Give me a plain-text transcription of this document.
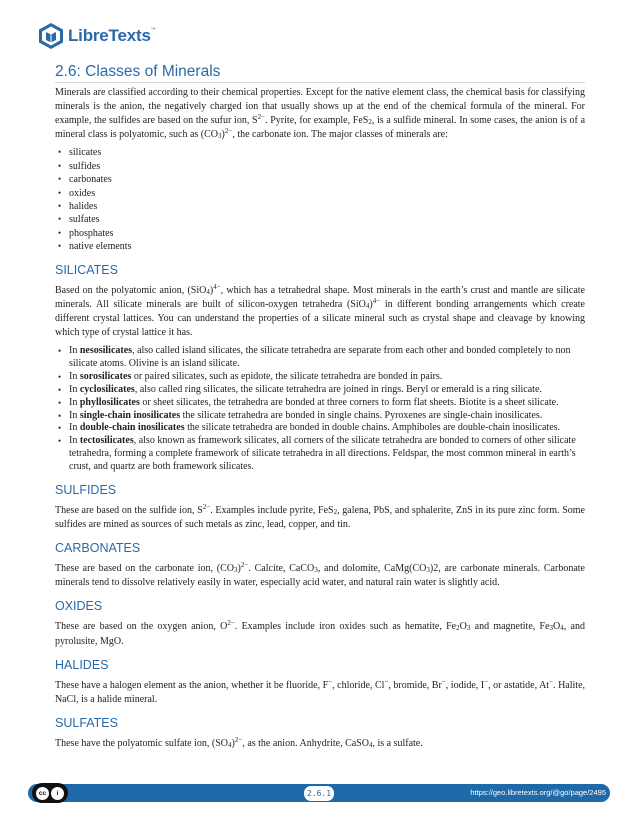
LibreTexts™
2.6: Classes of Minerals

Minerals are classified according to their chemical properties. Except for the native element class, the chemical basis for classifying minerals is the anion, the negatively charged ion that usually shows up at the end of the chemical formula of the mineral. For example, the sulfides are based on the sufur ion, $S^{2-}$. Pyrite, for example, FeS$_2$, is a sulfide mineral. In some cases, the anion is of a mineral class is polyatomic, such as $(CO_3)^{2-}$, the carbonate ion. The major classes of minerals are:

• silicates
• sulfides
• carbonates
• oxides
• halides
• sulfates
• phosphates
• native elements
SILICATES

Based on the polyatomic anion, $(SiO_4)^{4-}$, which has a tetrahedral shape. Most minerals in the earth’s crust and mantle are silicate minerals. All silicate minerals are built of silicon-oxygen tetrahedra $(SiO_4)^{4-}$ in different bonding arrangements which create different crystal lattices. You can understand the properties of a silicate mineral such as crystal shape and cleavage by knowing which type of crystal lattice it has.

• In nesosilicates, also called island silicates, the silicate tetrahedra are separate from each other and bonded completely to non silicate atoms. Olivine is an island silicate.
• In sorosilicates or paired silicates, such as epidote, the silicate tetrahedra are bonded in pairs.
• In cyclosilicates, also called ring silicates, the silicate tetrahedra are joined in rings. Beryl or emerald is a ring silicate.
• In phyllosilicates or sheet silicates, the tetrahedra are bonded at three corners to form flat sheets. Biotite is a sheet silicate.
• In single-chain inosilicates the silicate tetrahedra are bonded in single chains. Pyroxenes are single-chain inosilicates.
• In double-chain inosilicates the silicate tetrahedra are bonded in double chains. Amphiboles are double-chain inosilicates.
• In tectosilicates, also known as framework silicates, all corners of the silicate tetrahedra are bonded to corners of other silicate tetrahedra, forming a complete framework of silicate tetrahedra in all directions. Feldspar, the most common mineral in earth’s crust, and quartz are both framework silicates.
SULFIDES

These are based on the sulfide ion, $S^{2-}$. Examples include pyrite, FeS$_2$, galena, PbS, and sphalerite, ZnS in its pure zinc form. Some sulfides are mined as sources of such metals as zinc, lead, copper, and tin.

CARBONATES

These are based on the carbonate ion, $(CO_3)^{2-}$. Calcite, CaCO$_3$, and dolomite, $CaMg(CO_3)2$, are carbonate minerals. Carbonate minerals tend to dissolve relatively easily in water, especially acid water, and natural rain water is slightly acid.

OXIDES

These are based on the oxygen anion, $O^{2-}$. Examples include iron oxides such as hematite, $Fe_2O_3$ and magnetite, $Fe_3O_4$, and pyrolusite, MgO.

HALIDES

These have a halogen element as the anion, whether it be fluoride, F−, chloride, Cl−, bromide, Br−, iodide, I−, or astatide, At−. Halite, NaCl, is a halide mineral.

SULFATES

These have the polyatomic sulfate ion, $(SO_4)^{2-}$, as the anion. Anhydrite, CaSO$_4$, is a sulfate.

cc	i	2.6.1	https://geo.libretexts.org/@go/page/2495
